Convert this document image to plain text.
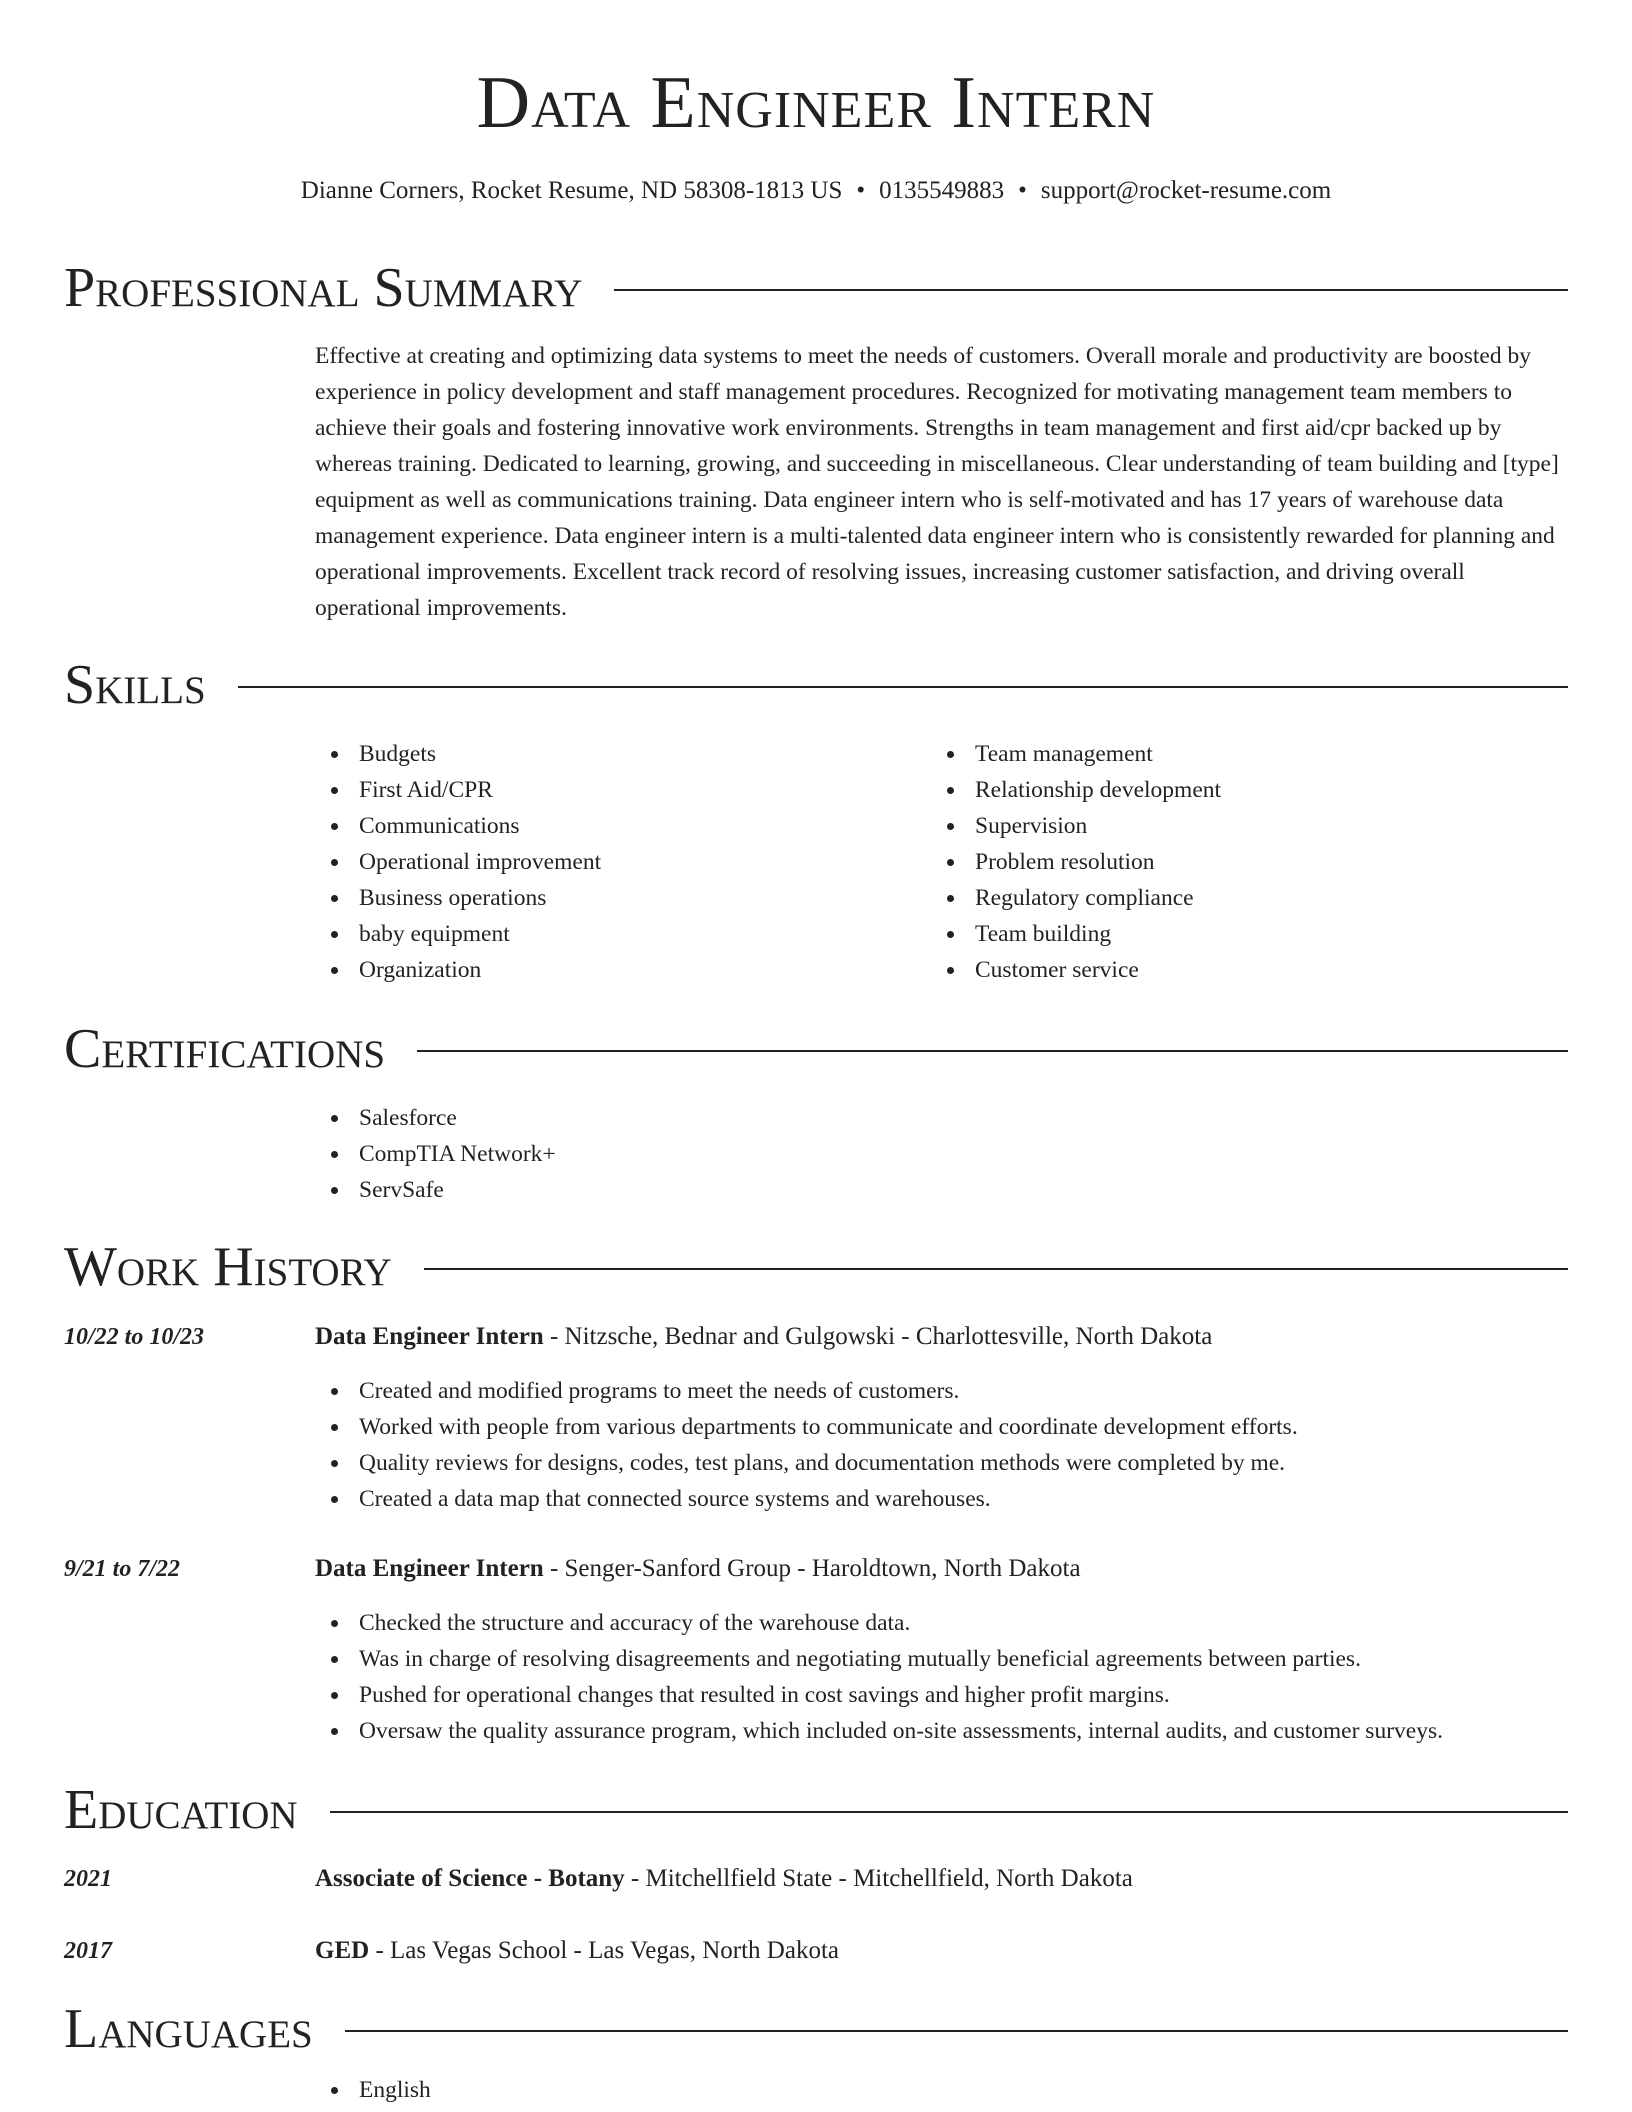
Data Engineer Intern
Dianne Corners, Rocket Resume, ND 58308-1813 US • 0135549883 • support@rocket-resume.com
Professional Summary
Effective at creating and optimizing data systems to meet the needs of customers. Overall morale and productivity are boosted by experience in policy development and staff management procedures. Recognized for motivating management team members to achieve their goals and fostering innovative work environments. Strengths in team management and first aid/cpr backed up by whereas training. Dedicated to learning, growing, and succeeding in miscellaneous. Clear understanding of team building and [type] equipment as well as communications training. Data engineer intern who is self-motivated and has 17 years of warehouse data management experience. Data engineer intern is a multi-talented data engineer intern who is consistently rewarded for planning and operational improvements. Excellent track record of resolving issues, increasing customer satisfaction, and driving overall operational improvements.
Skills
Budgets
First Aid/CPR
Communications
Operational improvement
Business operations
baby equipment
Organization
Team management
Relationship development
Supervision
Problem resolution
Regulatory compliance
Team building
Customer service
Certifications
Salesforce
CompTIA Network+
ServSafe
Work History
10/22 to 10/23	Data Engineer Intern - Nitzsche, Bednar and Gulgowski - Charlottesville, North Dakota
Created and modified programs to meet the needs of customers.
Worked with people from various departments to communicate and coordinate development efforts.
Quality reviews for designs, codes, test plans, and documentation methods were completed by me.
Created a data map that connected source systems and warehouses.
9/21 to 7/22	Data Engineer Intern - Senger-Sanford Group - Haroldtown, North Dakota
Checked the structure and accuracy of the warehouse data.
Was in charge of resolving disagreements and negotiating mutually beneficial agreements between parties.
Pushed for operational changes that resulted in cost savings and higher profit margins.
Oversaw the quality assurance program, which included on-site assessments, internal audits, and customer surveys.
Education
2021	Associate of Science - Botany - Mitchellfield State - Mitchellfield, North Dakota
2017	GED - Las Vegas School - Las Vegas, North Dakota
Languages
English
